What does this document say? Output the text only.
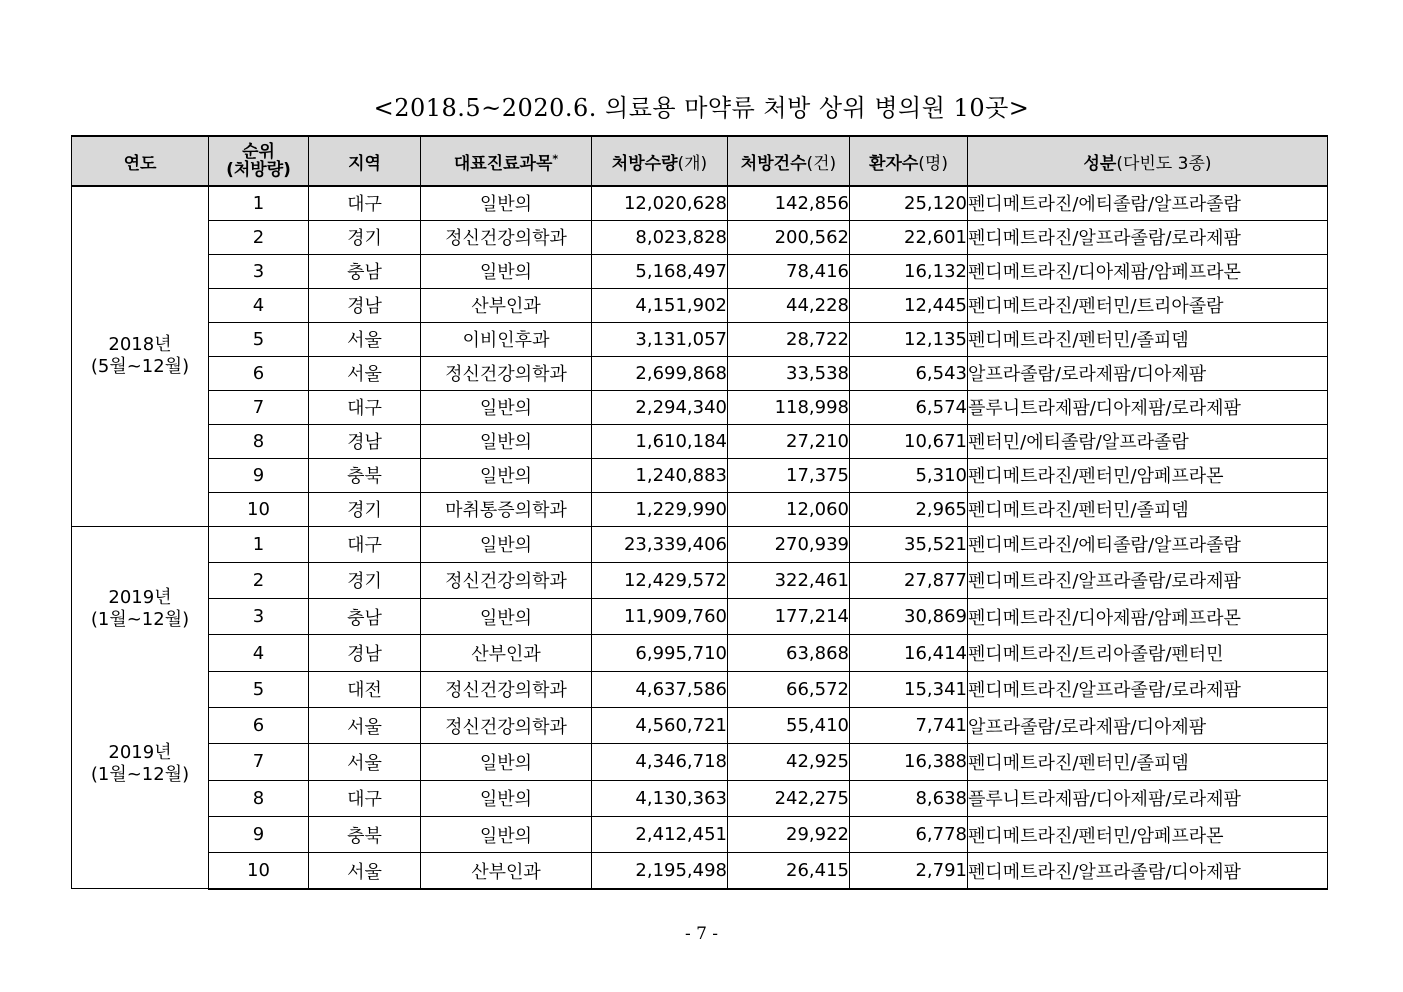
<2018.5~2020.6. 의료용 마약류 처방 상위 병의원 10곳>
연도	순위
(처방량)	지역	대표진료과목*	처방수량(개)	처방건수(건)	환자수(명)	성분(다빈도 3종)

2018년
(5월~12월)	1	대구	일반의	12,020,628	142,856	25,120	펜디메트라진/에티졸람/알프라졸람
	2	경기	정신건강의학과	8,023,828	200,562	22,601	펜디메트라진/알프라졸람/로라제팜
	3	충남	일반의	5,168,497	78,416	16,132	펜디메트라진/디아제팜/암페프라몬
	4	경남	산부인과	4,151,902	44,228	12,445	펜디메트라진/펜터민/트리아졸람
	5	서울	이비인후과	3,131,057	28,722	12,135	펜디메트라진/펜터민/졸피뎀
	6	서울	정신건강의학과	2,699,868	33,538	6,543	알프라졸람/로라제팜/디아제팜
	7	대구	일반의	2,294,340	118,998	6,574	플루니트라제팜/디아제팜/로라제팜
	8	경남	일반의	1,610,184	27,210	10,671	펜터민/에티졸람/알프라졸람
	9	충북	일반의	1,240,883	17,375	5,310	펜디메트라진/펜터민/암페프라몬
	10	경기	마취통증의학과	1,229,990	12,060	2,965	펜디메트라진/펜터민/졸피뎀

2019년
(1월~12월)
2019년
(1월~12월)	1	대구	일반의	23,339,406	270,939	35,521	펜디메트라진/에티졸람/알프라졸람
	2	경기	정신건강의학과	12,429,572	322,461	27,877	펜디메트라진/알프라졸람/로라제팜
	3	충남	일반의	11,909,760	177,214	30,869	펜디메트라진/디아제팜/암페프라몬
	4	경남	산부인과	6,995,710	63,868	16,414	펜디메트라진/트리아졸람/펜터민
	5	대전	정신건강의학과	4,637,586	66,572	15,341	펜디메트라진/알프라졸람/로라제팜
	6	서울	정신건강의학과	4,560,721	55,410	7,741	알프라졸람/로라제팜/디아제팜
	7	서울	일반의	4,346,718	42,925	16,388	펜디메트라진/펜터민/졸피뎀
	8	대구	일반의	4,130,363	242,275	8,638	플루니트라제팜/디아제팜/로라제팜
	9	충북	일반의	2,412,451	29,922	6,778	펜디메트라진/펜터민/암페프라몬
	10	서울	산부인과	2,195,498	26,415	2,791	펜디메트라진/알프라졸람/디아제팜
- 7 -
